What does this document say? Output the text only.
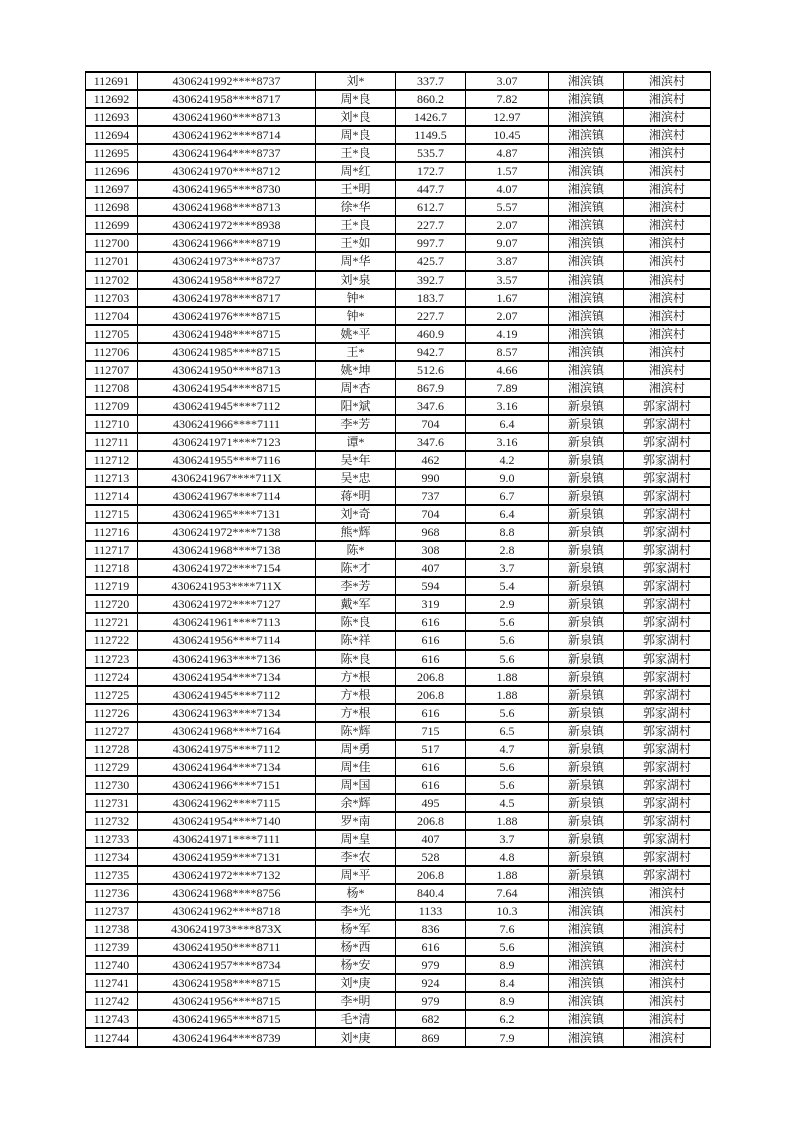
112691	4306241992****8737	刘*	337.7	3.07	湘滨镇	湘滨村
112692	4306241958****8717	周*良	860.2	7.82	湘滨镇	湘滨村
112693	4306241960****8713	刘*良	1426.7	12.97	湘滨镇	湘滨村
112694	4306241962****8714	周*良	1149.5	10.45	湘滨镇	湘滨村
112695	4306241964****8737	王*良	535.7	4.87	湘滨镇	湘滨村
112696	4306241970****8712	周*红	172.7	1.57	湘滨镇	湘滨村
112697	4306241965****8730	王*明	447.7	4.07	湘滨镇	湘滨村
112698	4306241968****8713	徐*华	612.7	5.57	湘滨镇	湘滨村
112699	4306241972****8938	王*良	227.7	2.07	湘滨镇	湘滨村
112700	4306241966****8719	王*如	997.7	9.07	湘滨镇	湘滨村
112701	4306241973****8737	周*华	425.7	3.87	湘滨镇	湘滨村
112702	4306241958****8727	刘*泉	392.7	3.57	湘滨镇	湘滨村
112703	4306241978****8717	钟*	183.7	1.67	湘滨镇	湘滨村
112704	4306241976****8715	钟*	227.7	2.07	湘滨镇	湘滨村
112705	4306241948****8715	姚*平	460.9	4.19	湘滨镇	湘滨村
112706	4306241985****8715	王*	942.7	8.57	湘滨镇	湘滨村
112707	4306241950****8713	姚*坤	512.6	4.66	湘滨镇	湘滨村
112708	4306241954****8715	周*杏	867.9	7.89	湘滨镇	湘滨村
112709	4306241945****7112	阳*斌	347.6	3.16	新泉镇	郭家湖村
112710	4306241966****7111	李*芳	704	6.4	新泉镇	郭家湖村
112711	4306241971****7123	谭*	347.6	3.16	新泉镇	郭家湖村
112712	4306241955****7116	吴*年	462	4.2	新泉镇	郭家湖村
112713	4306241967****711X	吴*忠	990	9.0	新泉镇	郭家湖村
112714	4306241967****7114	蒋*明	737	6.7	新泉镇	郭家湖村
112715	4306241965****7131	刘*奇	704	6.4	新泉镇	郭家湖村
112716	4306241972****7138	熊*辉	968	8.8	新泉镇	郭家湖村
112717	4306241968****7138	陈*	308	2.8	新泉镇	郭家湖村
112718	4306241972****7154	陈*才	407	3.7	新泉镇	郭家湖村
112719	4306241953****711X	李*芳	594	5.4	新泉镇	郭家湖村
112720	4306241972****7127	戴*军	319	2.9	新泉镇	郭家湖村
112721	4306241961****7113	陈*良	616	5.6	新泉镇	郭家湖村
112722	4306241956****7114	陈*祥	616	5.6	新泉镇	郭家湖村
112723	4306241963****7136	陈*良	616	5.6	新泉镇	郭家湖村
112724	4306241954****7134	方*根	206.8	1.88	新泉镇	郭家湖村
112725	4306241945****7112	方*根	206.8	1.88	新泉镇	郭家湖村
112726	4306241963****7134	方*根	616	5.6	新泉镇	郭家湖村
112727	4306241968****7164	陈*辉	715	6.5	新泉镇	郭家湖村
112728	4306241975****7112	周*勇	517	4.7	新泉镇	郭家湖村
112729	4306241964****7134	周*佳	616	5.6	新泉镇	郭家湖村
112730	4306241966****7151	周*国	616	5.6	新泉镇	郭家湖村
112731	4306241962****7115	余*辉	495	4.5	新泉镇	郭家湖村
112732	4306241954****7140	罗*南	206.8	1.88	新泉镇	郭家湖村
112733	4306241971****7111	周*皇	407	3.7	新泉镇	郭家湖村
112734	4306241959****7131	李*农	528	4.8	新泉镇	郭家湖村
112735	4306241972****7132	周*平	206.8	1.88	新泉镇	郭家湖村
112736	4306241968****8756	杨*	840.4	7.64	湘滨镇	湘滨村
112737	4306241962****8718	李*光	1133	10.3	湘滨镇	湘滨村
112738	4306241973****873X	杨*军	836	7.6	湘滨镇	湘滨村
112739	4306241950****8711	杨*西	616	5.6	湘滨镇	湘滨村
112740	4306241957****8734	杨*安	979	8.9	湘滨镇	湘滨村
112741	4306241958****8715	刘*庚	924	8.4	湘滨镇	湘滨村
112742	4306241956****8715	李*明	979	8.9	湘滨镇	湘滨村
112743	4306241965****8715	毛*清	682	6.2	湘滨镇	湘滨村
112744	4306241964****8739	刘*庚	869	7.9	湘滨镇	湘滨村
